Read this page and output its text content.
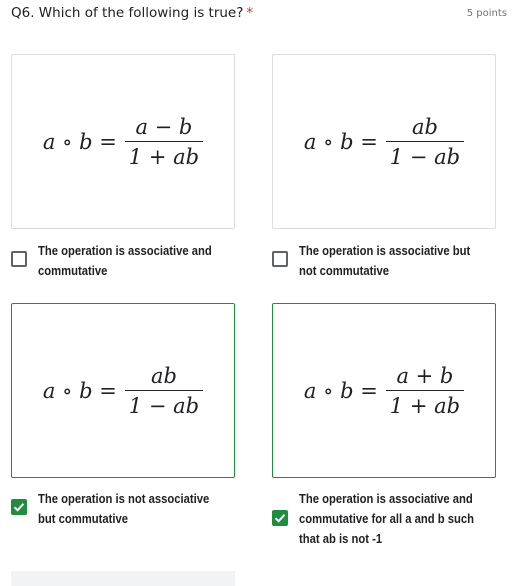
Q6. Which of the following is true? *	5 points
a ∘ $b = \frac{a - b}{1 + ab}$
The operation is associative and commutative
a ∘ $b = \frac{ab}{1 - ab}$
The operation is associative but not commutative
a ∘ $b = \frac{ab}{1 - ab}$
The operation is not associative but commutative
a ∘ $b = \frac{a + b}{1 + ab}$
The operation is associative and commutative for all a and b such that ab is not -1
